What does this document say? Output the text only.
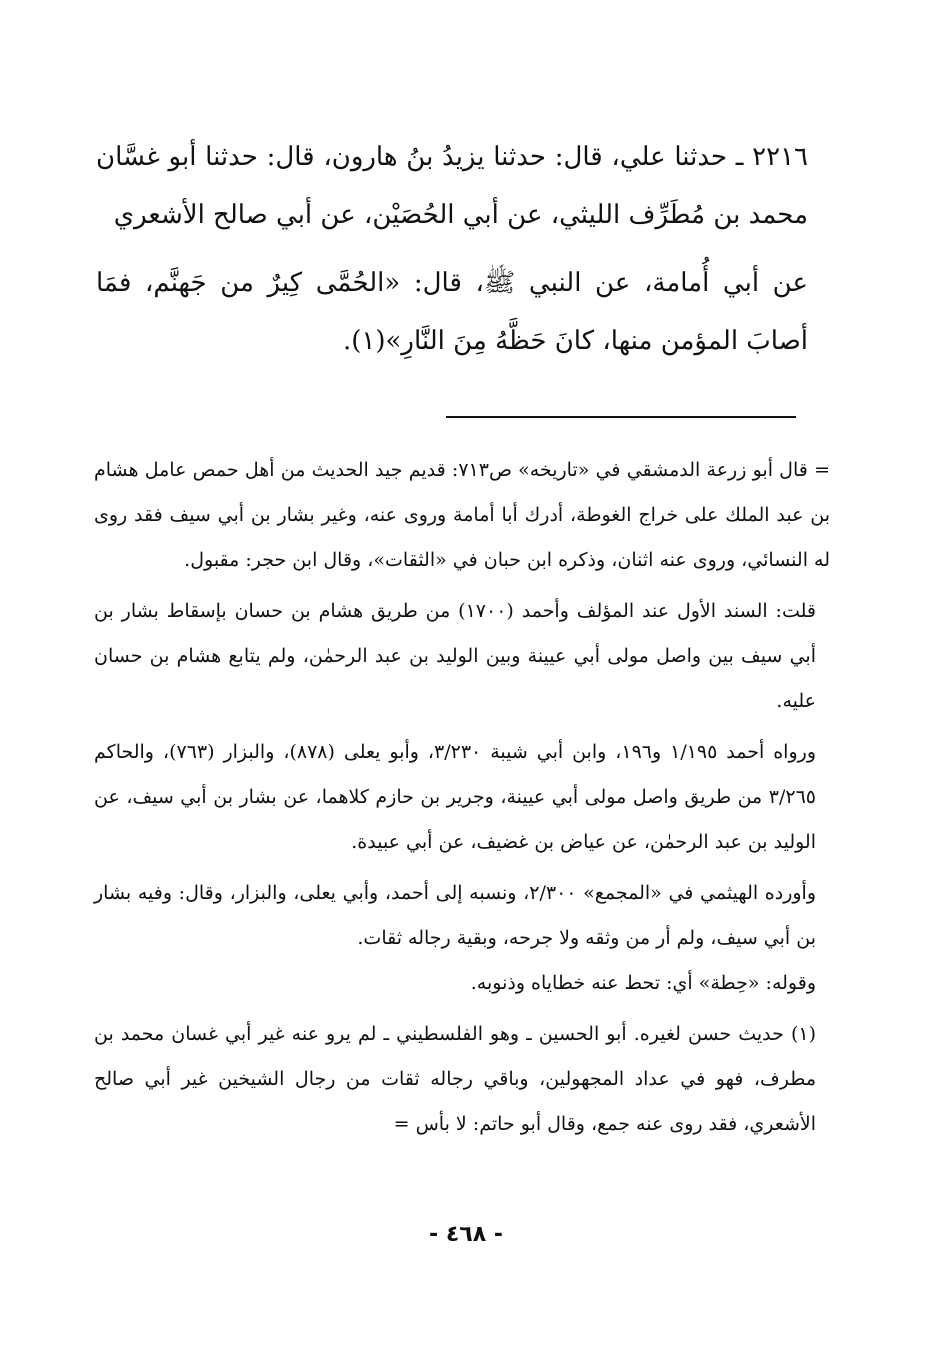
٢٢١٦ ـ حدثنا علي، قال: حدثنا يزيدُ بنُ هارون، قال: حدثنا أبو غسَّان محمد بن مُطَرِّف الليثي، عن أبي الحُصَيْن، عن أبي صالح الأشعري

عن أبي أُمامة، عن النبي ﷺ، قال: «الحُمَّى كِيرٌ من جَهنَّم، فمَا أصابَ المؤمن منها، كانَ حَظَّهُ مِنَ النَّارِ»(١).

= قال أبو زرعة الدمشقي في «تاريخه» ص٧١٣: قديم جيد الحديث من أهل حمص عامل هشام بن عبد الملك على خراج الغوطة، أدرك أبا أمامة وروى عنه، وغير بشار بن أبي سيف فقد روى له النسائي، وروى عنه اثنان، وذكره ابن حبان في «الثقات»، وقال ابن حجر: مقبول.

قلت: السند الأول عند المؤلف وأحمد (١٧٠٠) من طريق هشام بن حسان بإسقاط بشار بن أبي سيف بين واصل مولى أبي عيينة وبين الوليد بن عبد الرحمٰن، ولم يتابع هشام بن حسان عليه.

ورواه أحمد ١/١٩٥ و١٩٦، وابن أبي شيبة ٣/٢٣٠، وأبو يعلى (٨٧٨)، والبزار (٧٦٣)، والحاكم ٣/٢٦٥ من طريق واصل مولى أبي عيينة، وجرير بن حازم كلاهما، عن بشار بن أبي سيف، عن الوليد بن عبد الرحمٰن، عن عياض بن غضيف، عن أبي عبيدة.

وأورده الهيثمي في «المجمع» ٢/٣٠٠، ونسبه إلى أحمد، وأبي يعلى، والبزار، وقال: وفيه بشار بن أبي سيف، ولم أر من وثقه ولا جرحه، وبقية رجاله ثقات.

وقوله: «حِطة» أي: تحط عنه خطاياه وذنوبه.

(١) حديث حسن لغيره. أبو الحسين ـ وهو الفلسطيني ـ لم يرو عنه غير أبي غسان محمد بن مطرف، فهو في عداد المجهولين، وباقي رجاله ثقات من رجال الشيخين غير أبي صالح الأشعري، فقد روى عنه جمع، وقال أبو حاتم: لا بأس =

- ٤٦٨ -
